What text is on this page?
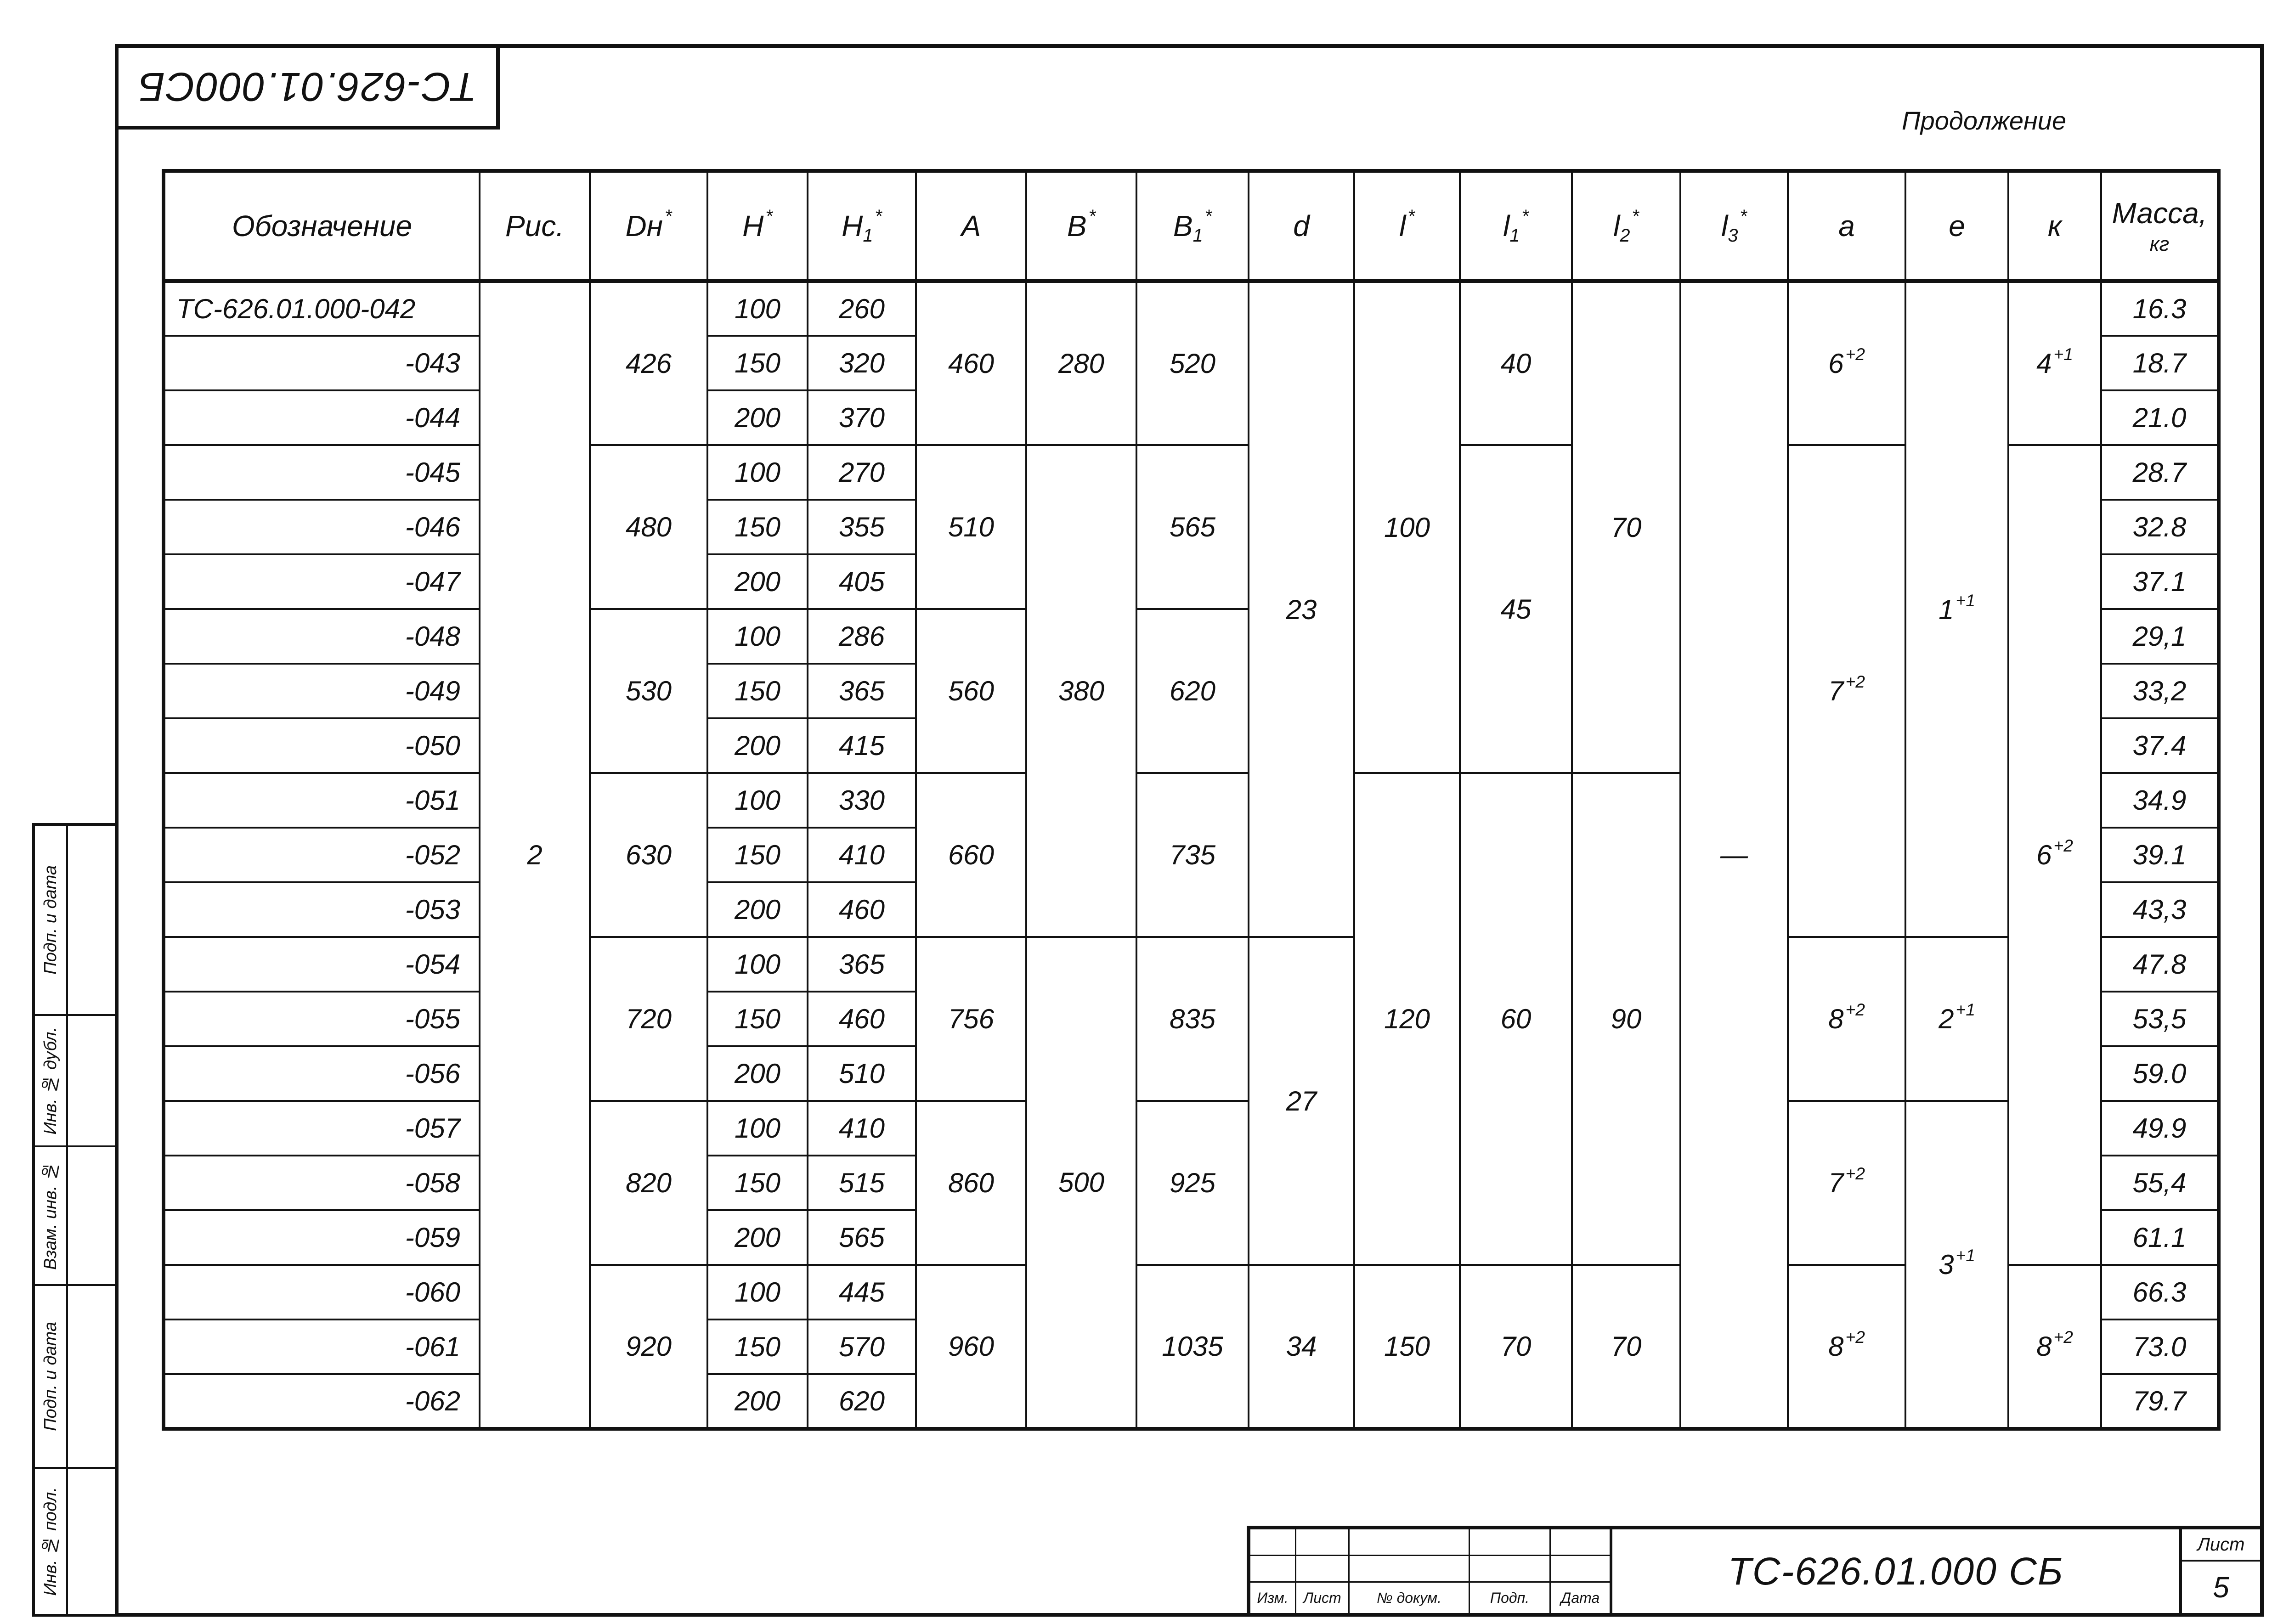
ТС-626.01.000СБ
Продолжение
Обозначение	Рис.	Dн *	H *	$H_1^*$	A	B *	$B_1^*$	d	l *	$l_1^*$	$l_2^*$	$l_3^*$	a	e	к	Масса,
кг

ТС-626.01.000-042	2	426	100	260	460	280	520	23	100	40	70	—	6 $^{+2}$	1 $^{+1}$	4 $^{+1}$	16.3
-043			150	320												18.7
-044			200	370												21.0
-045		480	100	270	510	380	565			45			7 $^{+2}$		6 $^{+2}$	28.7
-046			150	355												32.8
-047			200	405												37.1
-048		530	100	286	560		620									29,1
-049			150	365												33,2
-050			200	415												37.4
-051		630	100	330	660		735		120	60	90					34.9
-052			150	410												39.1
-053			200	460												43,3
-054		720	100	365	756	500	835	27					8 $^{+2}$	2 $^{+1}$		47.8
-055			150	460												53,5
-056			200	510												59.0
-057		820	100	410	860		925						7 $^{+2}$	3 $^{+1}$		49.9
-058			150	515												55,4
-059			200	565												61.1
-060		920	100	445	960		1035	34	150	70	70		8 $^{+2}$		8 $^{+2}$	66.3
-061			150	570												73.0
-062			200	620												79.7
Подп. и дата
Инв. № дубл.
Взам. инв. №
Подп. и дата
Инв. № подл.
Изм.	Лист	№ докум.	Подп.	Дата
ТС-626.01.000 СБ
Лист
5
